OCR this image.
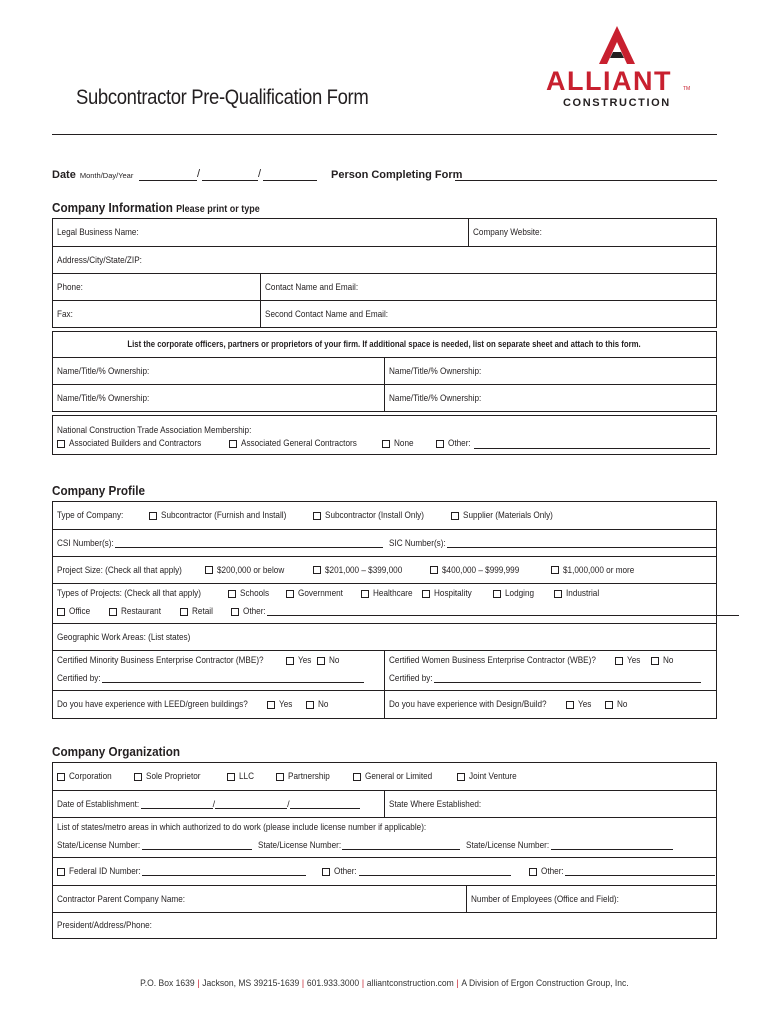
Subcontractor Pre-Qualification Form
ALLIANT TM
CONSTRUCTION
Date Month/Day/Year	/	/	Person Completing Form
Company Information Please print or type
Legal Business Name:	Company Website:
Address/City/State/ZIP:
Phone:	Contact Name and Email:
Fax:	Second Contact Name and Email:
List the corporate officers, partners or proprietors of your firm. If additional space is needed, list on separate sheet and attach to this form.
Name/Title/% Ownership:	Name/Title/% Ownership:
Name/Title/% Ownership:	Name/Title/% Ownership:
National Construction Trade Association Membership:
Associated Builders and Contractors	Associated General Contractors	None	Other:
Company Profile
Type of Company:	Subcontractor (Furnish and Install)	Subcontractor (Install Only)	Supplier (Materials Only)
CSI Number(s):	SIC Number(s):
Project Size: (Check all that apply)	$200,000 or below	$201,000 – $399,000	$400,000 – $999,999	$1,000,000 or more
Types of Projects: (Check all that apply)	Schools	Government	Healthcare Hospitality	Lodging	Industrial
Office	Restaurant	Retail	Other:
Geographic Work Areas: (List states)
Certified Minority Business Enterprise Contractor (MBE)?	Yes No
Certified by:
Certified Women Business Enterprise Contractor (WBE)?	Yes No
Certified by:
Do you have experience with LEED/green buildings?	Yes	No	Do you have experience with Design/Build?	Yes	No
Company Organization
Corporation	Sole Proprietor	LLC	Partnership	General or Limited	Joint Venture
Date of Establishment:	/	/	State Where Established:
List of states/metro areas in which authorized to do work (please include license number if applicable):
State/License Number:	State/License Number:	State/License Number:
Federal ID Number:	Other:	Other:
Contractor Parent Company Name:	Number of Employees (Office and Field):
President/Address/Phone:
P.O. Box 1639 | Jackson, MS 39215-1639 | 601.933.3000 | alliantconstruction.com | A Division of Ergon Construction Group, Inc.
